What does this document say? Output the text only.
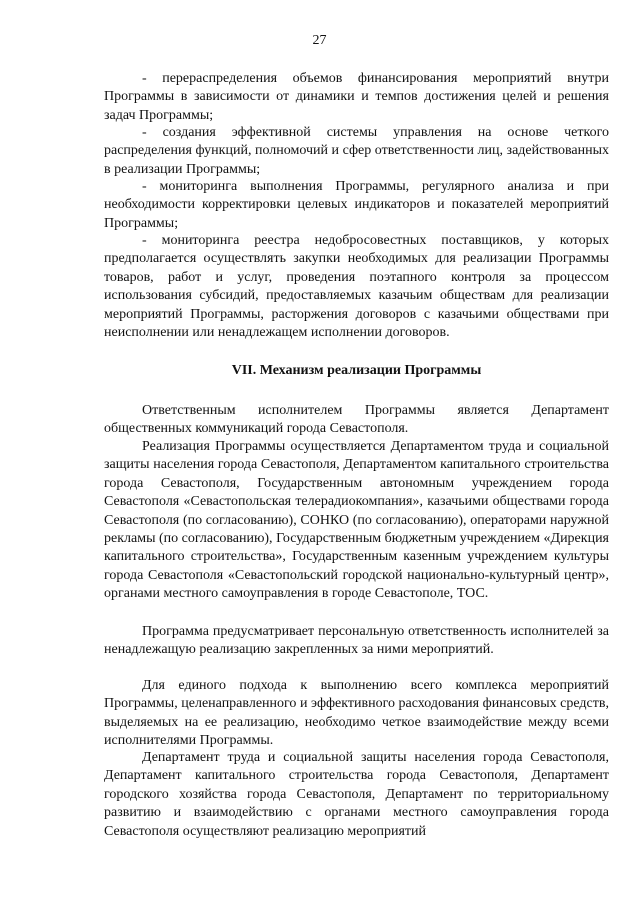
27

- перераспределения объемов финансирования мероприятий внутри Программы в зависимости от динамики и темпов достижения целей и решения задач Программы;

- создания эффективной системы управления на основе четкого распределения функций, полномочий и сфер ответственности лиц, задействованных в реализации Программы;

- мониторинга выполнения Программы, регулярного анализа и при необходимости корректировки целевых индикаторов и показателей мероприятий Программы;

- мониторинга реестра недобросовестных поставщиков, у которых предполагается осуществлять закупки необходимых для реализации Программы товаров, работ и услуг, проведения поэтапного контроля за процессом использования субсидий, предоставляемых казачьим обществам для реализации мероприятий Программы, расторжения договоров с казачьими обществами при неисполнении или ненадлежащем исполнении договоров.

VII. Механизм реализации Программы

Ответственным исполнителем Программы является Департамент общественных коммуникаций города Севастополя.

Реализация Программы осуществляется Департаментом труда и социальной защиты населения города Севастополя, Департаментом капитального строительства города Севастополя, Государственным автономным учреждением города Севастополя «Севастопольская телерадиокомпания», казачьими обществами города Севастополя (по согласованию), СОНКО (по согласованию), операторами наружной рекламы (по согласованию), Государственным бюджетным учреждением «Дирекция капитального строительства», Государственным казенным учреждением культуры города Севастополя «Севастопольский городской национально-культурный центр», органами местного самоуправления в городе Севастополе, ТОС.

Программа предусматривает персональную ответственность исполнителей за ненадлежащую реализацию закрепленных за ними мероприятий.

Для единого подхода к выполнению всего комплекса мероприятий Программы, целенаправленного и эффективного расходования финансовых средств, выделяемых на ее реализацию, необходимо четкое взаимодействие между всеми исполнителями Программы.

Департамент труда и социальной защиты населения города Севастополя, Департамент капитального строительства города Севастополя, Департамент городского хозяйства города Севастополя, Департамент по территориальному развитию и взаимодействию с органами местного самоуправления города Севастополя осуществляют реализацию мероприятий
